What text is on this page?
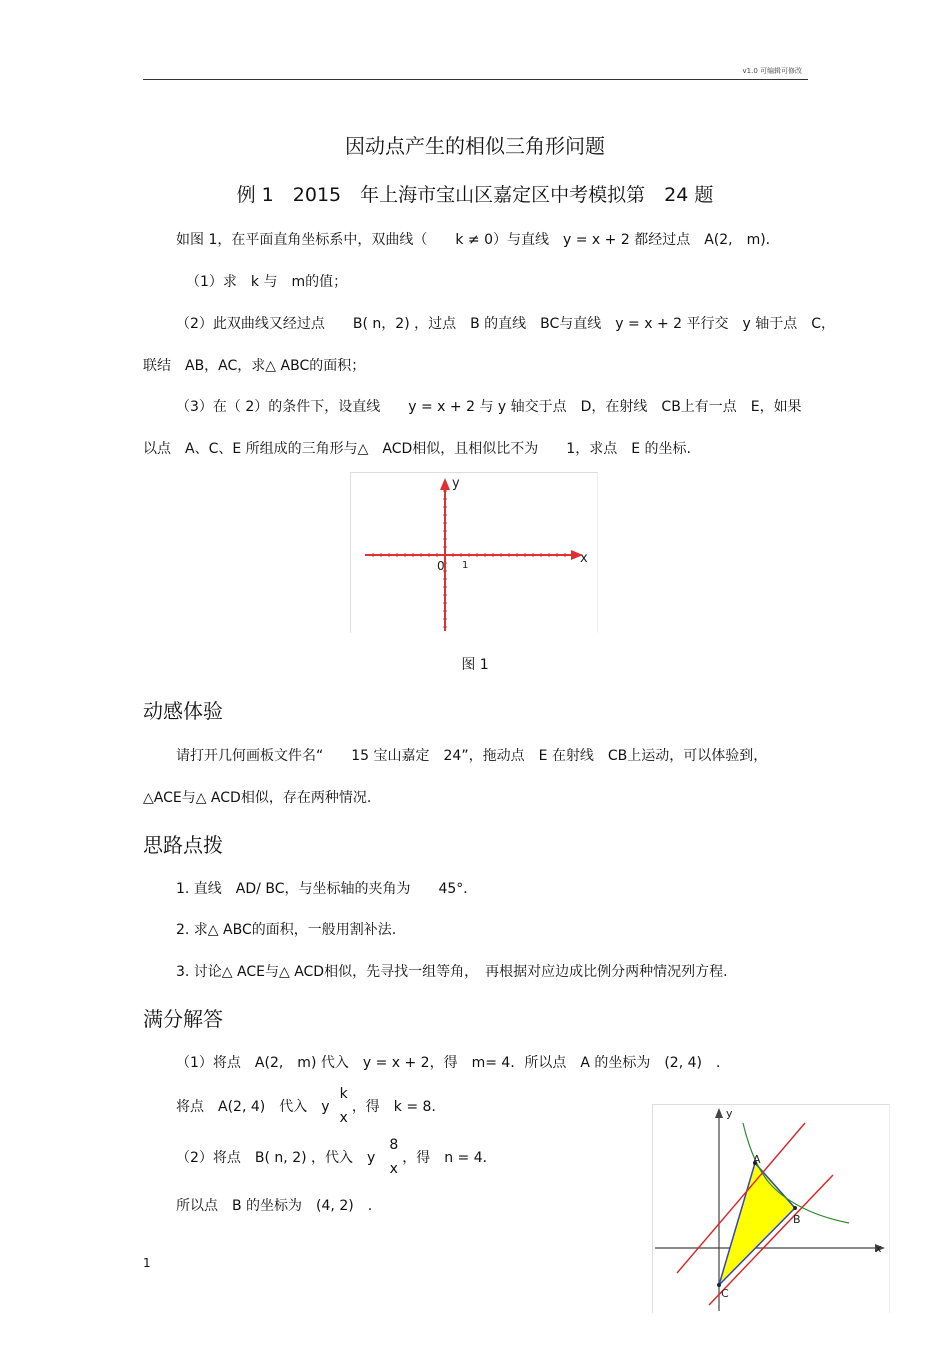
v1.0 可编辑可修改
因动点产生的相似三角形问题
例 1　2015　年上海市宝山区嘉定区中考模拟第　24 题
如图 1，在平面直角坐标系中，双曲线（　　k ≠ 0）与直线　y = x + 2 都经过点　A(2,　m)．
（1）求　k 与　m的值；
（2）此双曲线又经过点　　B( n，2) ，过点　B 的直线　BC与直线　y = x + 2 平行交　y 轴于点　C，
联结　AB，AC，求△ ABC的面积；
（3）在（ 2）的条件下，设直线　　y = x + 2 与 y 轴交于点　D，在射线　CB上有一点　E，如果
以点　A、C、E 所组成的三角形与△　ACD相似，且相似比不为　　1，求点　E 的坐标.
y
x
0 1
图 1
动感体验
请打开几何画板文件名“　　15 宝山嘉定　24”，拖动点　E 在射线　CB上运动，可以体验到，
△ACE与△ ACD相似，存在两种情况.
思路点拨
1. 直线　AD/ BC，与坐标轴的夹角为　　45°．
2. 求△ ABC的面积，一般用割补法.
3. 讨论△ ACE与△ ACD相似，先寻找一组等角，　再根据对应边成比例分两种情况列方程.
满分解答
（1）将点　A(2,　m) 代入　y = x + 2，得　m= 4．所以点　A 的坐标为　(2, 4)　．
将点　A(2, 4)　代入　y
k
x
，得　k = 8．
（2）将点　B( n, 2) ，代入　y
8
x
，得　n = 4．
所以点　B 的坐标为　(4, 2)　.
1
y
x
A
B
C
